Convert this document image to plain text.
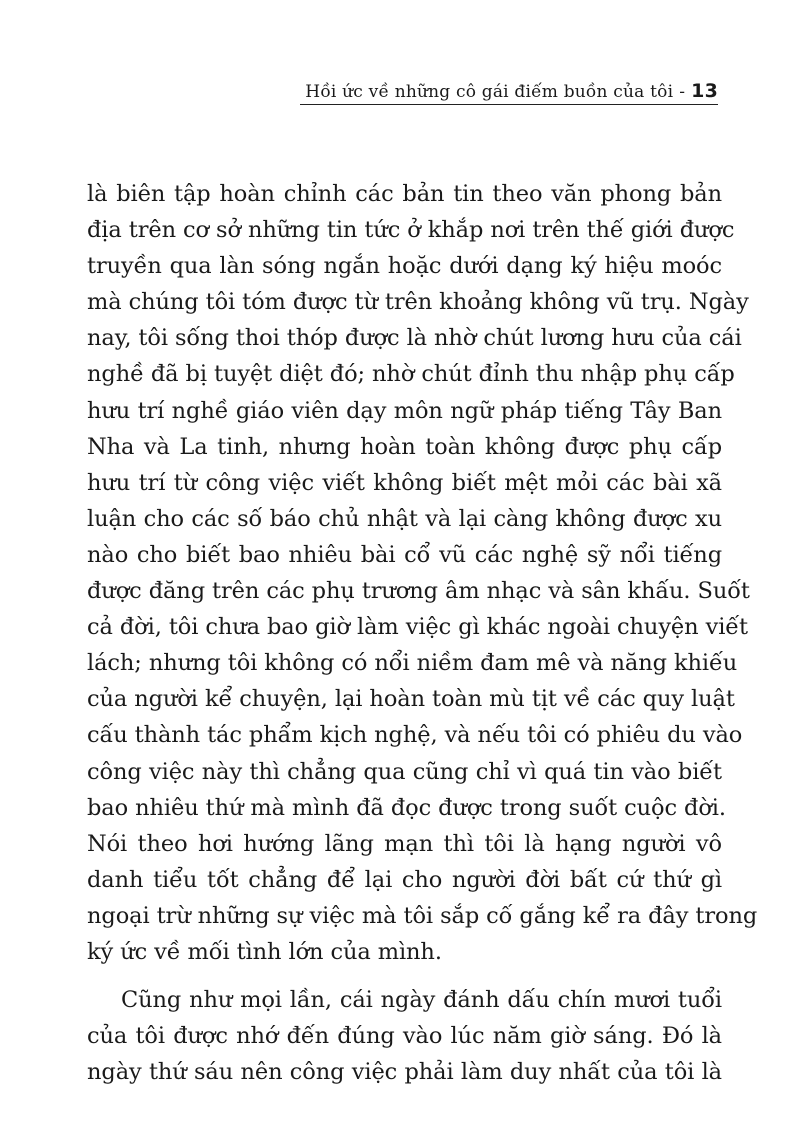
Hồi ức về những cô gái điếm buồn của tôi - 13
là biên tập hoàn chỉnh các bản tin theo văn phong bản
địa trên cơ sở những tin tức ở khắp nơi trên thế giới được
truyền qua làn sóng ngắn hoặc dưới dạng ký hiệu moóc
mà chúng tôi tóm được từ trên khoảng không vũ trụ. Ngày
nay, tôi sống thoi thóp được là nhờ chút lương hưu của cái
nghề đã bị tuyệt diệt đó; nhờ chút đỉnh thu nhập phụ cấp
hưu trí nghề giáo viên dạy môn ngữ pháp tiếng Tây Ban
Nha và La tinh, nhưng hoàn toàn không được phụ cấp
hưu trí từ công việc viết không biết mệt mỏi các bài xã
luận cho các số báo chủ nhật và lại càng không được xu
nào cho biết bao nhiêu bài cổ vũ các nghệ sỹ nổi tiếng
được đăng trên các phụ trương âm nhạc và sân khấu. Suốt
cả đời, tôi chưa bao giờ làm việc gì khác ngoài chuyện viết
lách; nhưng tôi không có nổi niềm đam mê và năng khiếu
của người kể chuyện, lại hoàn toàn mù tịt về các quy luật
cấu thành tác phẩm kịch nghệ, và nếu tôi có phiêu du vào
công việc này thì chẳng qua cũng chỉ vì quá tin vào biết
bao nhiêu thứ mà mình đã đọc được trong suốt cuộc đời.
Nói theo hơi hướng lãng mạn thì tôi là hạng người vô
danh tiểu tốt chẳng để lại cho người đời bất cứ thứ gì
ngoại trừ những sự việc mà tôi sắp cố gắng kể ra đây trong
ký ức về mối tình lớn của mình.
Cũng như mọi lần, cái ngày đánh dấu chín mươi tuổi
của tôi được nhớ đến đúng vào lúc năm giờ sáng. Đó là
ngày thứ sáu nên công việc phải làm duy nhất của tôi là
